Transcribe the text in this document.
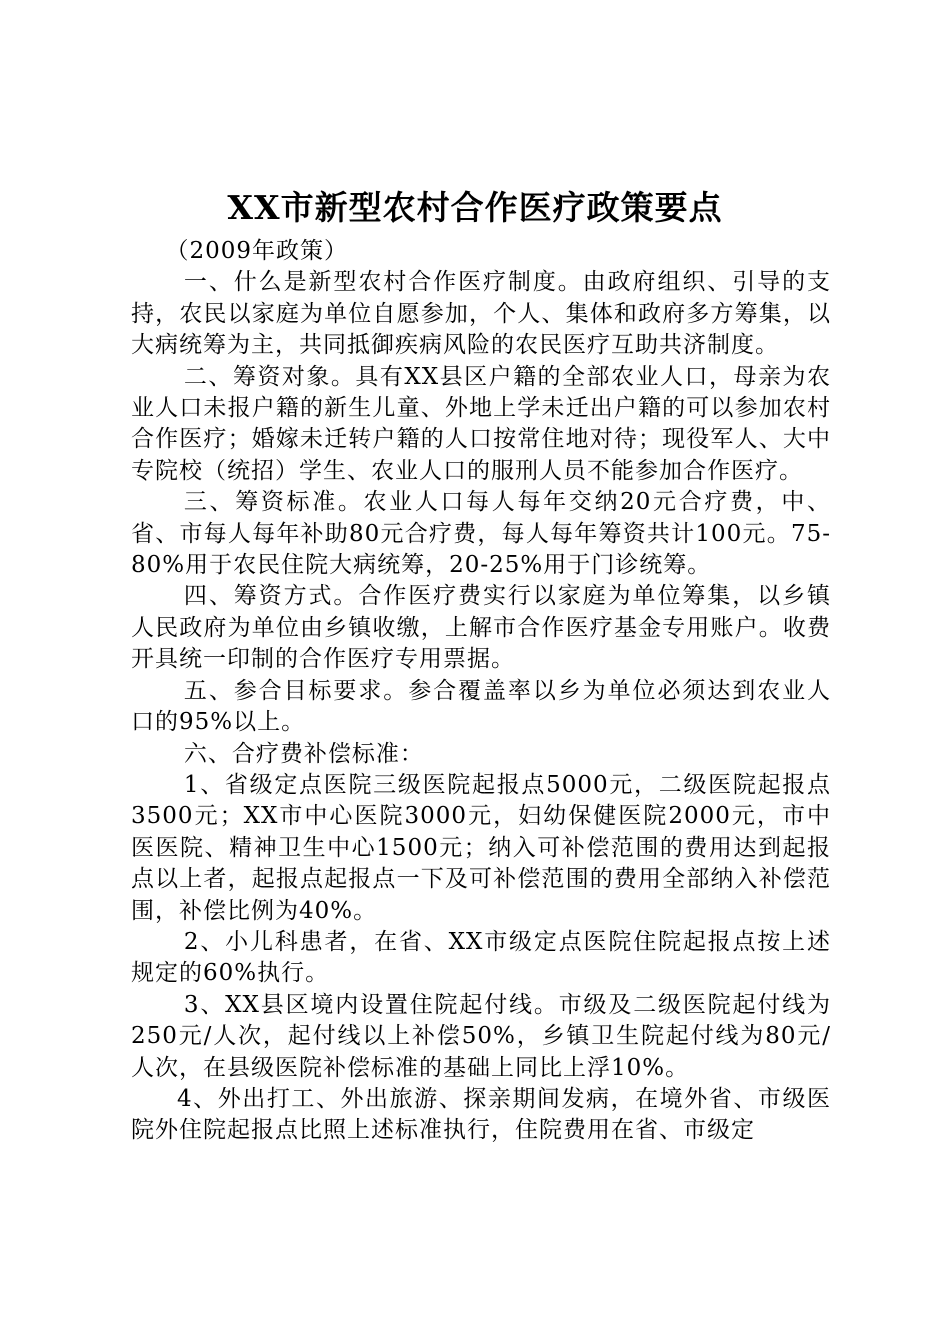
XX市新型农村合作医疗政策要点

（2009年政策）

一、什么是新型农村合作医疗制度。由政府组织、引导的支持，农民以家庭为单位自愿参加，个人、集体和政府多方筹集，以大病统筹为主，共同抵御疾病风险的农民医疗互助共济制度。

二、筹资对象。具有XX县区户籍的全部农业人口，母亲为农业人口未报户籍的新生儿童、外地上学未迁出户籍的可以参加农村合作医疗；婚嫁未迁转户籍的人口按常住地对待；现役军人、大中专院校（统招）学生、农业人口的服刑人员不能参加合作医疗。

三、筹资标准。农业人口每人每年交纳20元合疗费，中、省、市每人每年补助80元合疗费，每人每年筹资共计100元。75-80%用于农民住院大病统筹，20-25%用于门诊统筹。

四、筹资方式。合作医疗费实行以家庭为单位筹集，以乡镇人民政府为单位由乡镇收缴，上解市合作医疗基金专用账户。收费开具统一印制的合作医疗专用票据。

五、参合目标要求。参合覆盖率以乡为单位必须达到农业人口的95%以上。

六、合疗费补偿标准：

1、省级定点医院三级医院起报点5000元，二级医院起报点3500元；XX市中心医院3000元，妇幼保健医院2000元，市中医医院、精神卫生中心1500元；纳入可补偿范围的费用达到起报点以上者，起报点起报点一下及可补偿范围的费用全部纳入补偿范围，补偿比例为40%。

2、小儿科患者，在省、XX市级定点医院住院起报点按上述规定的60%执行。

3、XX县区境内设置住院起付线。市级及二级医院起付线为250元/人次，起付线以上补偿50%，乡镇卫生院起付线为80元/人次，在县级医院补偿标准的基础上同比上浮10%。

4、外出打工、外出旅游、探亲期间发病，在境外省、市级医院外住院起报点比照上述标准执行，住院费用在省、市级定
